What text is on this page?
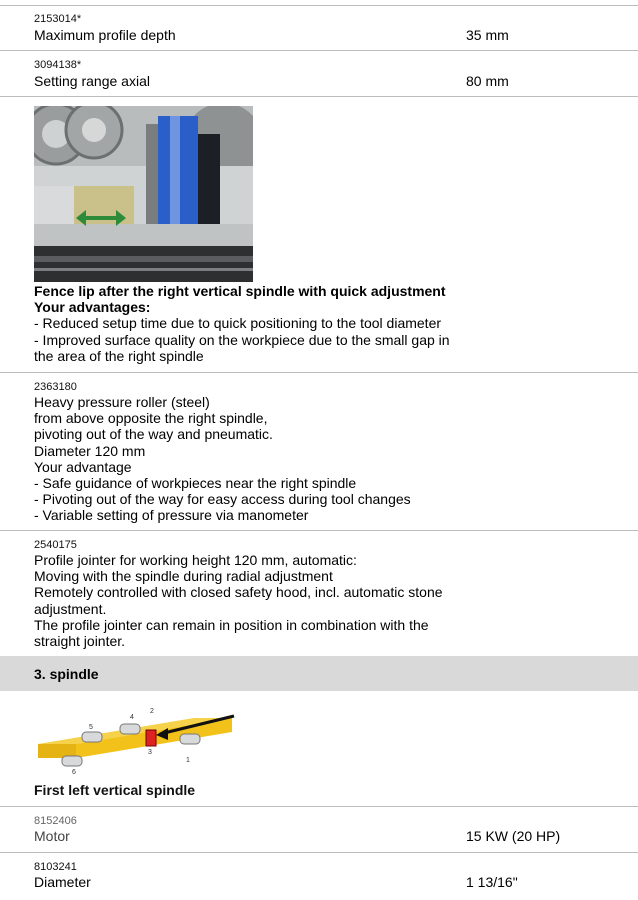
2153014*
Maximum profile depth	35 mm
3094138*
Setting range axial	80 mm
Fence lip after the right vertical spindle with quick adjustment
Your advantages:
- Reduced setup time due to quick positioning to the tool diameter
- Improved surface quality on the workpiece due to the small gap in
the area of the right spindle
2363180
Heavy pressure roller (steel)
from above opposite the right spindle,
pivoting out of the way and pneumatic.
Diameter 120 mm
Your advantage
- Safe guidance of workpieces near the right spindle
- Pivoting out of the way for easy access during tool changes
- Variable setting of pressure via manometer
2540175
Profile jointer for working height 120 mm, automatic:
Moving with the spindle during radial adjustment
Remotely controlled with closed safety hood, incl. automatic stone
adjustment.
The profile jointer can remain in position in combination with the
straight jointer.
3. spindle
1
2
3
4
5
6
First left vertical spindle
8152406
Motor	15 KW (20 HP)
8103241
Diameter	1 13/16"
